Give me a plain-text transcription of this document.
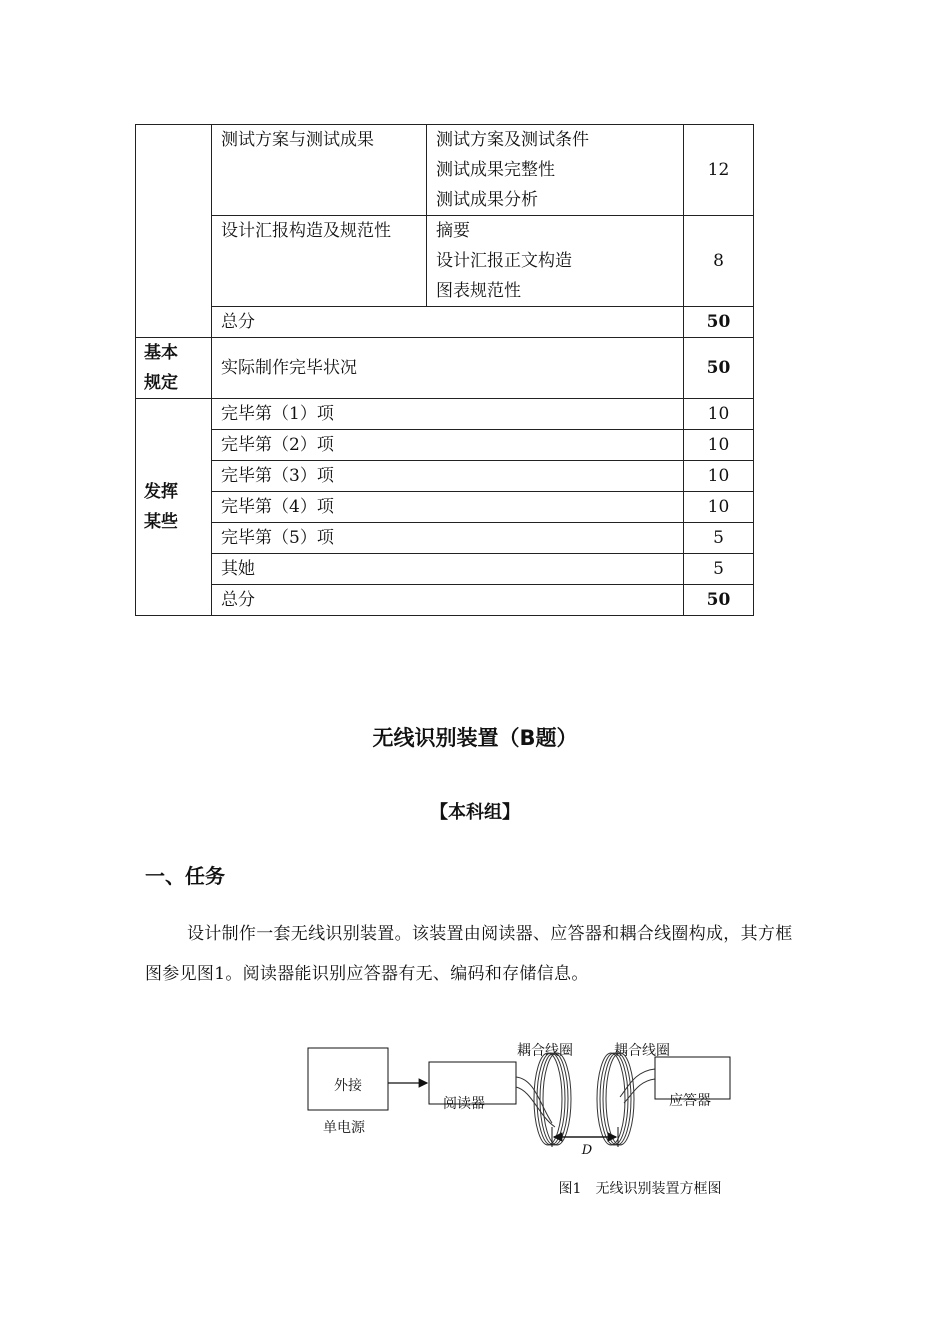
	测试方案与测试成果	测试方案及测试条件
测试成果完整性
测试成果分析	12
	设计汇报构造及规范性	摘要
设计汇报正文构造
图表规范性	8
	总分		50

基本
规定	实际制作完毕状况		50

发挥
某些	完毕第（1）项		10
	完毕第（2）项		10
	完毕第（3）项		10
	完毕第（4）项		10
	完毕第（5）项		5
	其她		5
	总分		50
无线识别装置（B题）
【本科组】
一、任务

设计制作一套无线识别装置。该装置由阅读器、应答器和耦合线圈构成，其方框图参见图1。阅读器能识别应答器有无、编码和存储信息。

外接
单电源
阅读器
耦合线圈	耦合线圈
应答器
D
图1　无线识别装置方框图
